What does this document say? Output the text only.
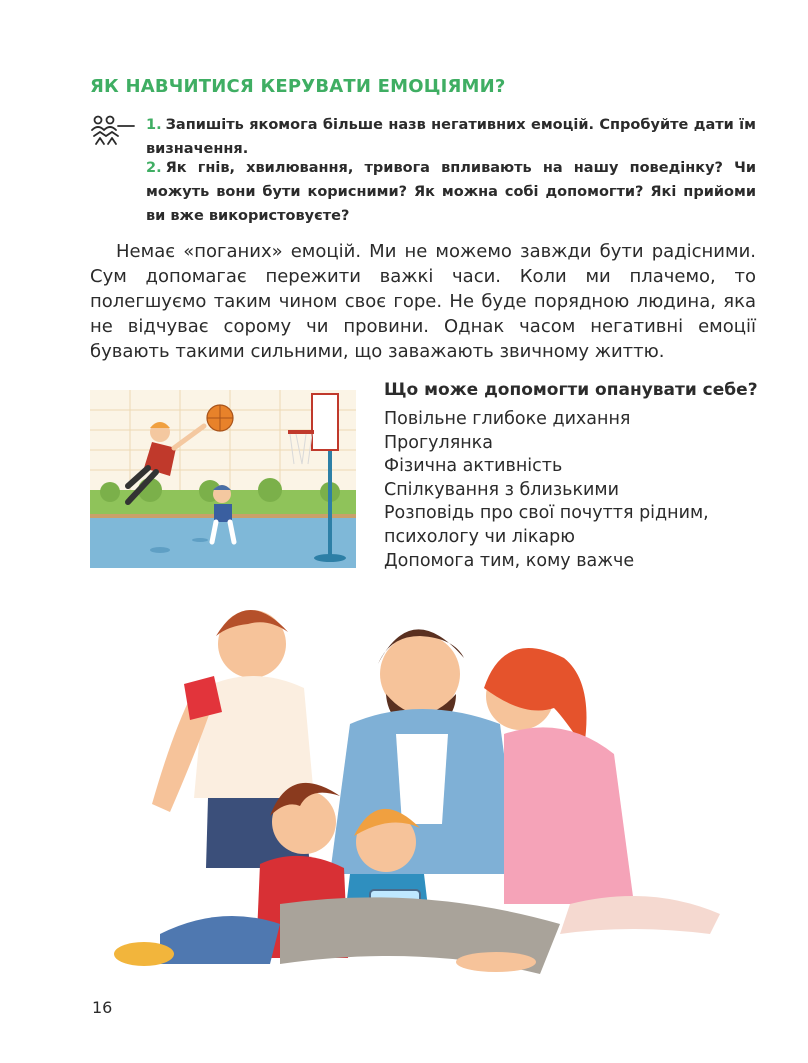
ЯК НАВЧИТИСЯ КЕРУВАТИ ЕМОЦІЯМИ?
1. Запишіть якомога більше назв негативних емоцій. Спробуйте дати їм визначення.
2. Як гнів, хвилювання, тривога впливають на нашу поведінку? Чи можуть вони бути корисними? Як можна собі допомогти? Які прийоми ви вже використовуєте?
Немає «поганих» емоцій. Ми не можемо завжди бути радісними. Сум допомагає пережити важкі часи. Коли ми плачемо, то полегшуємо таким чином своє горе. Не буде порядною людина, яка не відчуває сорому чи провини. Однак часом негативні емоції бувають такими сильними, що заважають звичному життю.
Що може допомогти опанувати себе?
Повільне глибоке дихання
Прогулянка
Фізична активність
Спілкування з близькими
Розповідь про свої почуття рідним,
психологу чи лікарю
Допомога тим, кому важче
16
